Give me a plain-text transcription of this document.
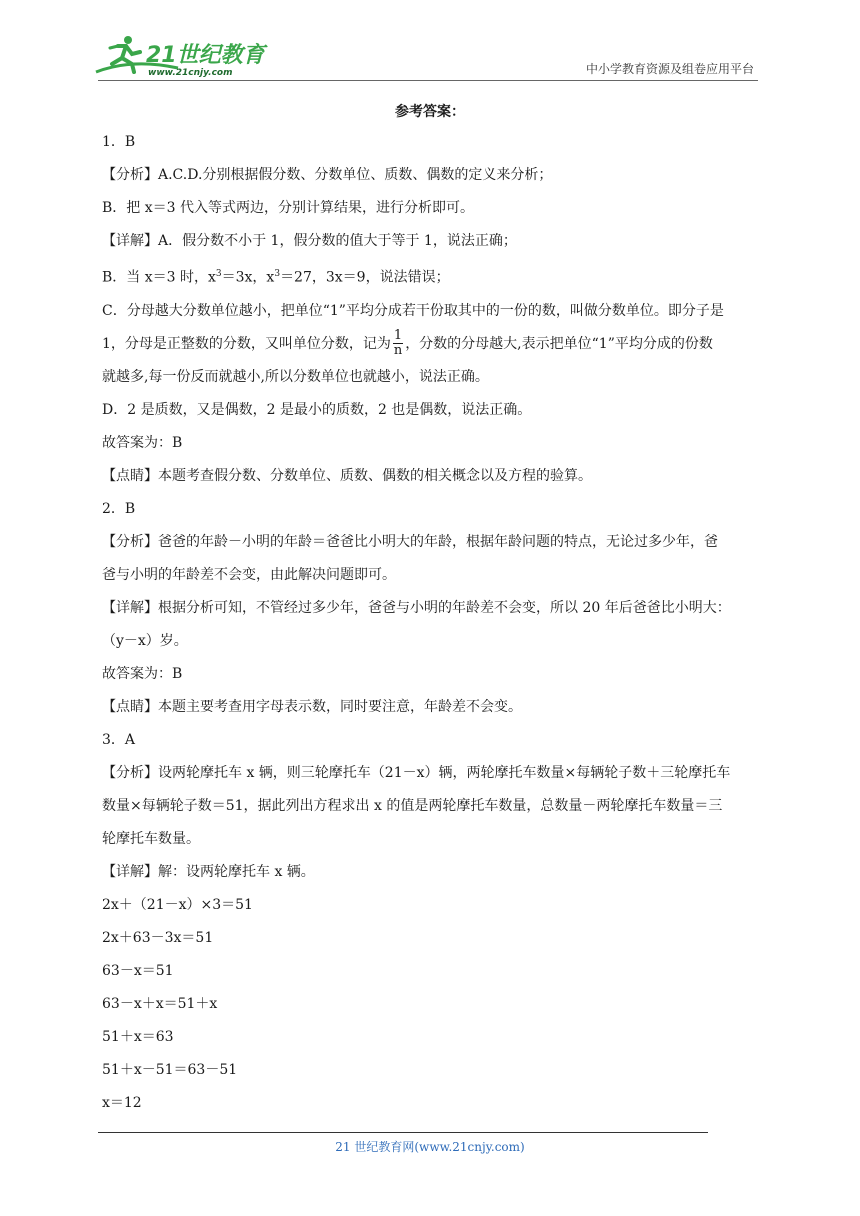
21世纪教育
www.21cnjy.com	中小学教育资源及组卷应用平台
参考答案：

1．B

【分析】A.C.D.分别根据假分数、分数单位、质数、偶数的定义来分析；

B．把 x＝3 代入等式两边，分别计算结果，进行分析即可。

【详解】A．假分数不小于 1，假分数的值大于等于 1，说法正确；

B．当 x＝3 时，$x^3=3x$，$x^3=27$，3x＝9，说法错误；

C．分母越大分数单位越小，把单位“1”平均分成若干份取其中的一份的数，叫做分数单位。即分子是

1，分母是正整数的分数，又叫单位分数，记为 $\frac{1}{n}$ ，分数的分母越大,表示把单位“1”平均分成的份数

就越多,每一份反而就越小,所以分数单位也就越小，说法正确。

D．2 是质数，又是偶数，2 是最小的质数，2 也是偶数，说法正确。

故答案为：B

【点睛】本题考查假分数、分数单位、质数、偶数的相关概念以及方程的验算。

2．B

【分析】爸爸的年龄－小明的年龄＝爸爸比小明大的年龄，根据年龄问题的特点，无论过多少年，爸

爸与小明的年龄差不会变，由此解决问题即可。

【详解】根据分析可知，不管经过多少年，爸爸与小明的年龄差不会变，所以 20 年后爸爸比小明大：

（y－x）岁。

故答案为：B

【点睛】本题主要考查用字母表示数，同时要注意，年龄差不会变。

3．A

【分析】设两轮摩托车 x 辆，则三轮摩托车（21－x）辆，两轮摩托车数量×每辆轮子数＋三轮摩托车

数量×每辆轮子数＝51，据此列出方程求出 x 的值是两轮摩托车数量，总数量－两轮摩托车数量＝三

轮摩托车数量。

【详解】解：设两轮摩托车 x 辆。

2x＋（21－x）×3＝51

2x＋63－3x＝51

63－x＝51

63－x＋x＝51＋x

51＋x＝63

51＋x－51＝63－51

x＝12

21 世纪教育网(www.21cnjy.com)
